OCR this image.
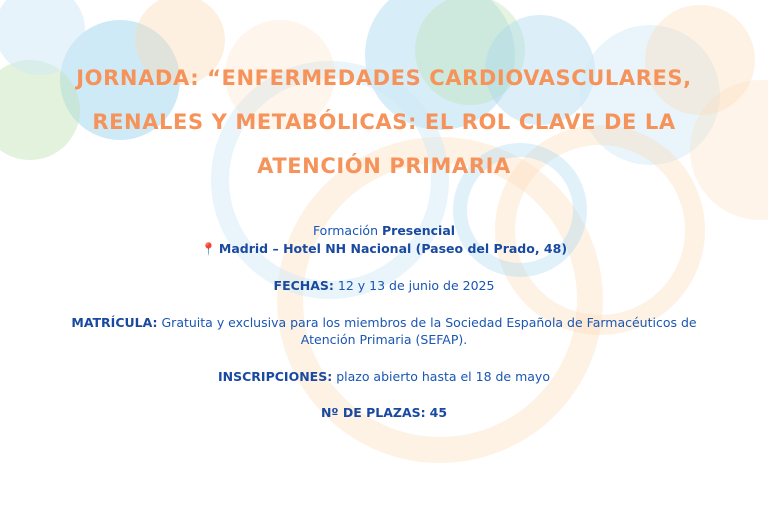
JORNADA: “ENFERMEDADES CARDIOVASCULARES,
RENALES Y METABÓLICAS: EL ROL CLAVE DE LA
ATENCIÓN PRIMARIA
Formación Presencial
📍 Madrid – Hotel NH Nacional (Paseo del Prado, 48)
FECHAS: 12 y 13 de junio de 2025
MATRÍCULA: Gratuita y exclusiva para los miembros de la Sociedad Española de Farmacéuticos de Atención Primaria (SEFAP).
INSCRIPCIONES: plazo abierto hasta el 18 de mayo
Nº DE PLAZAS: 45
